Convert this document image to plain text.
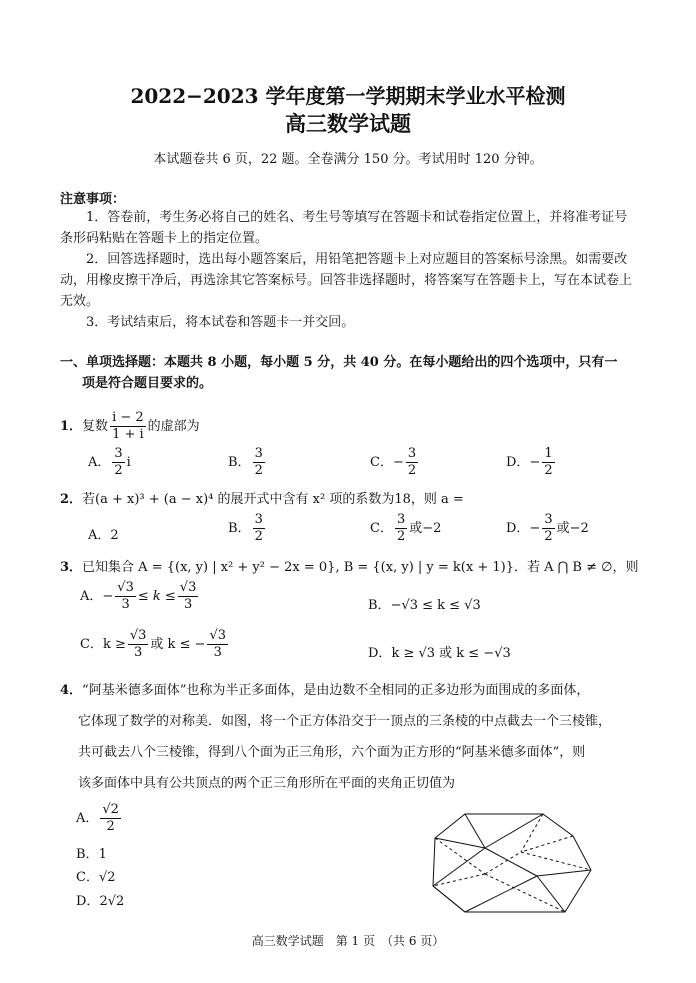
2022−2023 学年度第一学期期末学业水平检测
高三数学试题
本试题卷共 6 页，22 题。全卷满分 150 分。考试用时 120 分钟。
注意事项：
1．答卷前，考生务必将自己的姓名、考生号等填写在答题卡和试卷指定位置上，并将准考证号条形码粘贴在答题卡上的指定位置。
2．回答选择题时，选出每小题答案后，用铅笔把答题卡上对应题目的答案标号涂黑。如需要改动，用橡皮擦干净后，再选涂其它答案标号。回答非选择题时，将答案写在答题卡上，写在本试卷上无效。
3．考试结束后，将本试卷和答题卡一并交回。
一、单项选择题：本题共 8 小题，每小题 5 分，共 40 分。在每小题给出的四个选项中，只有一
项是符合题目要求的。
1．复数 $\frac{i - 2}{1 + i}$ 的虚部为
A． $\frac{3}{2}$ i	B． $\frac{3}{2}$	C．− $\frac{3}{2}$	D．− $\frac{1}{2}$
2．若(a + x)³ + (a − x)⁴ 的展开式中含有 x² 项的系数为18，则 a =
A．2	B． $\frac{3}{2}$	C． $\frac{3}{2}$ 或−2	D．− $\frac{3}{2}$ 或−2
3．已知集合 A = {(x, y) | x² + y² − 2x = 0}, B = {(x, y) | y = k(x + 1)}．若 A ⋂ B ≠ ∅，则
A．− $\frac{√3}{3} \le k \le \frac{√3}{3}$	B．−√3 ≤ k ≤ √3
C．$k \ge \frac{√3}{3}$ 或 k ≤ − $\frac{√3}{3}$	D．k ≥ √3 或 k ≤ −√3
4．“阿基米德多面体”也称为半正多面体，是由边数不全相同的正多边形为面围成的多面体，
它体现了数学的对称美．如图，将一个正方体沿交于一顶点的三条棱的中点截去一个三棱锥，
共可截去八个三棱锥，得到八个面为正三角形，六个面为正方形的“阿基米德多面体”，则
该多面体中具有公共顶点的两个正三角形所在平面的夹角正切值为
A． $\frac{√2}{2}$
B．1
C．√2
D．2√2
高三数学试题　第 1 页　（共 6 页）
